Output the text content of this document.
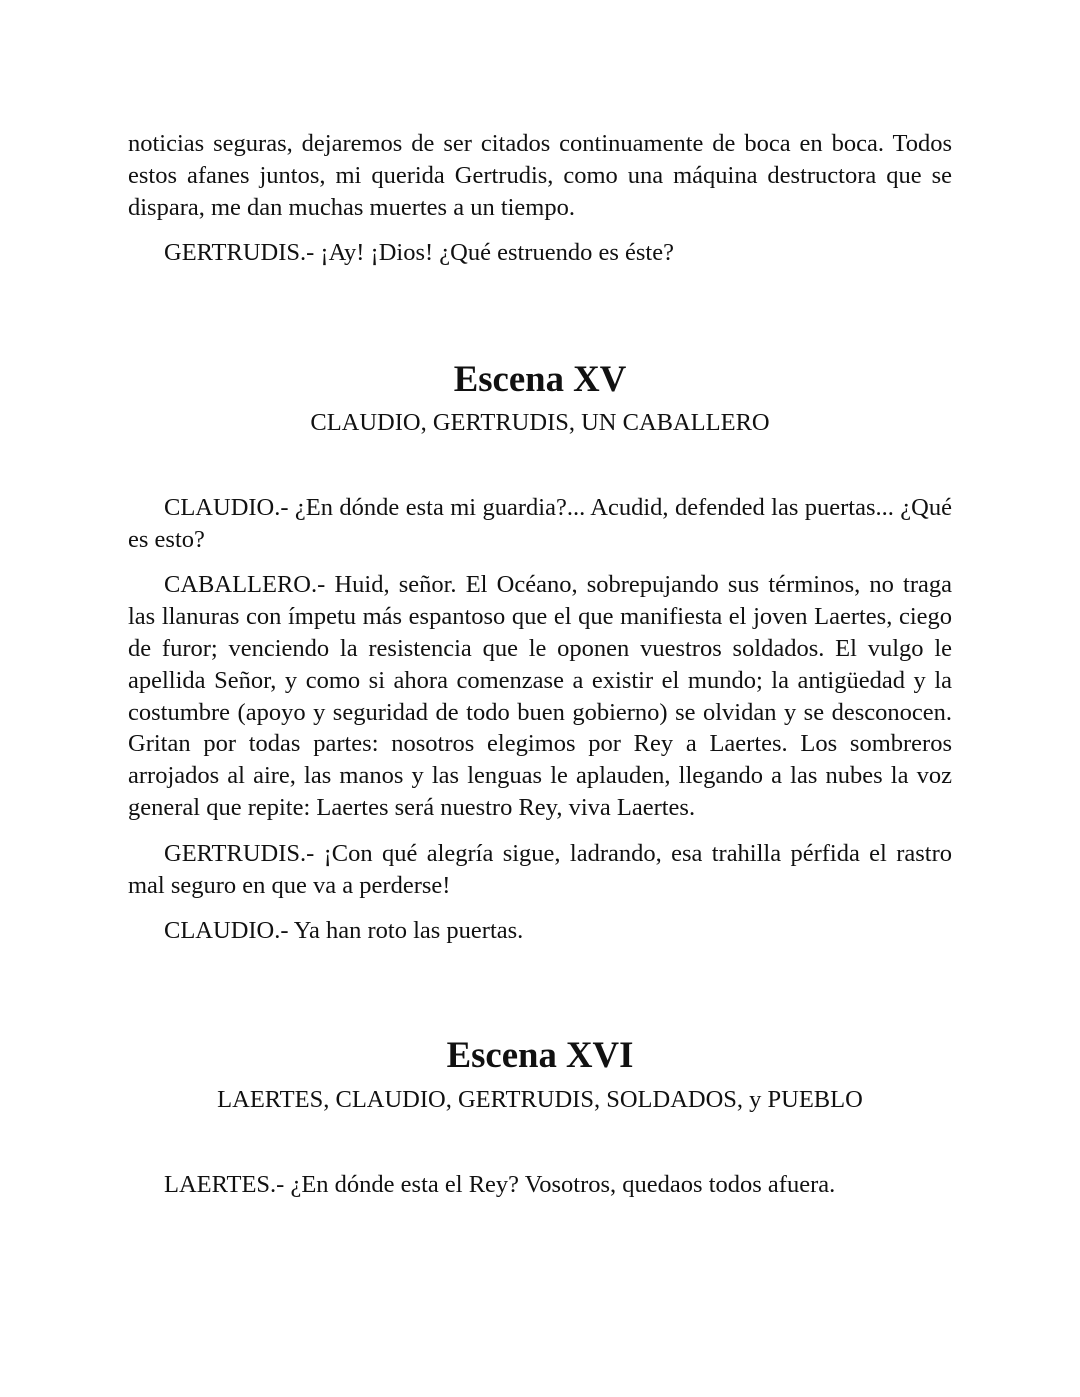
noticias seguras, dejaremos de ser citados continuamente de boca en boca. Todos estos afanes juntos, mi querida Gertrudis, como una máquina destructora que se dispara, me dan muchas muertes a un tiempo.

GERTRUDIS.- ¡Ay! ¡Dios! ¿Qué estruendo es éste?

Escena XV

CLAUDIO, GERTRUDIS, UN CABALLERO

CLAUDIO.- ¿En dónde esta mi guardia?... Acudid, defended las puertas... ¿Qué es esto?

CABALLERO.- Huid, señor. El Océano, sobrepujando sus términos, no traga las llanuras con ímpetu más espantoso que el que manifiesta el joven Laertes, ciego de furor; venciendo la resistencia que le oponen vuestros soldados. El vulgo le apellida Señor, y como si ahora comenzase a existir el mundo; la antigüedad y la costumbre (apoyo y seguridad de todo buen gobierno) se olvidan y se desconocen. Gritan por todas partes: nosotros elegimos por Rey a Laertes. Los sombreros arrojados al aire, las manos y las lenguas le aplauden, llegando a las nubes la voz general que repite: Laertes será nuestro Rey, viva Laertes.

GERTRUDIS.- ¡Con qué alegría sigue, ladrando, esa trahilla pérfida el rastro mal seguro en que va a perderse!

CLAUDIO.- Ya han roto las puertas.

Escena XVI

LAERTES, CLAUDIO, GERTRUDIS, SOLDADOS, y PUEBLO

LAERTES.- ¿En dónde esta el Rey? Vosotros, quedaos todos afuera.
